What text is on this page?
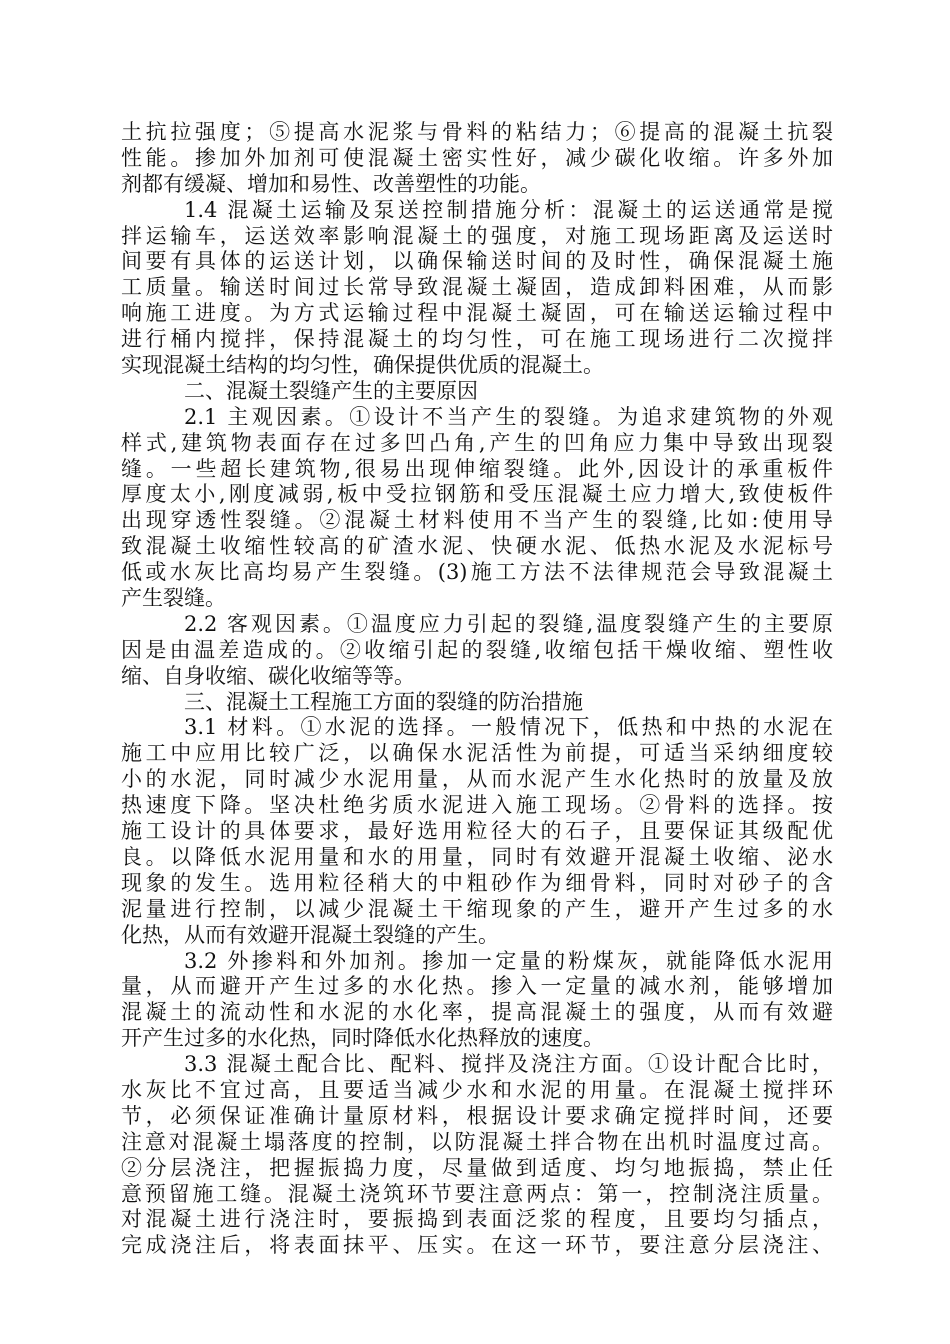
土抗拉强度；⑤提高水泥浆与骨料的粘结力；⑥提高的混凝土抗裂
性能。掺加外加剂可使混凝土密实性好，减少碳化收缩。许多外加
剂都有缓凝、增加和易性、改善塑性的功能。
1.4 混凝土运输及泵送控制措施分析：混凝土的运送通常是搅
拌运输车，运送效率影响混凝土的强度，对施工现场距离及运送时
间要有具体的运送计划，以确保输送时间的及时性，确保混凝土施
工质量。输送时间过长常导致混凝土凝固，造成卸料困难，从而影
响施工进度。为方式运输过程中混凝土凝固，可在输送运输过程中
进行桶内搅拌，保持混凝土的均匀性，可在施工现场进行二次搅拌
实现混凝土结构的均匀性，确保提供优质的混凝土。
二、混凝土裂缝产生的主要原因
2.1 主观因素。①设计不当产生的裂缝。为追求建筑物的外观
样式,建筑物表面存在过多凹凸角,产生的凹角应力集中导致出现裂
缝。一些超长建筑物,很易出现伸缩裂缝。此外,因设计的承重板件
厚度太小,刚度减弱,板中受拉钢筋和受压混凝土应力增大,致使板件
出现穿透性裂缝。②混凝土材料使用不当产生的裂缝,比如:使用导
致混凝土收缩性较高的矿渣水泥、快硬水泥、低热水泥及水泥标号
低或水灰比高均易产生裂缝。(3)施工方法不法律规范会导致混凝土
产生裂缝。
2.2 客观因素。①温度应力引起的裂缝,温度裂缝产生的主要原
因是由温差造成的。②收缩引起的裂缝,收缩包括干燥收缩、塑性收
缩、自身收缩、碳化收缩等等。
三、混凝土工程施工方面的裂缝的防治措施
3.1 材料。①水泥的选择。一般情况下，低热和中热的水泥在
施工中应用比较广泛，以确保水泥活性为前提，可适当采纳细度较
小的水泥，同时减少水泥用量，从而水泥产生水化热时的放量及放
热速度下降。坚决杜绝劣质水泥进入施工现场。②骨料的选择。按
施工设计的具体要求，最好选用粒径大的石子，且要保证其级配优
良。以降低水泥用量和水的用量，同时有效避开混凝土收缩、泌水
现象的发生。选用粒径稍大的中粗砂作为细骨料，同时对砂子的含
泥量进行控制，以减少混凝土干缩现象的产生，避开产生过多的水
化热，从而有效避开混凝土裂缝的产生。
3.2 外掺料和外加剂。掺加一定量的粉煤灰，就能降低水泥用
量，从而避开产生过多的水化热。掺入一定量的减水剂，能够增加
混凝土的流动性和水泥的水化率，提高混凝土的强度，从而有效避
开产生过多的水化热，同时降低水化热释放的速度。
3.3 混凝土配合比、配料、搅拌及浇注方面。①设计配合比时，
水灰比不宜过高，且要适当减少水和水泥的用量。在混凝土搅拌环
节，必须保证准确计量原材料，根据设计要求确定搅拌时间，还要
注意对混凝土塌落度的控制，以防混凝土拌合物在出机时温度过高。
②分层浇注，把握振捣力度，尽量做到适度、均匀地振捣，禁止任
意预留施工缝。混凝土浇筑环节要注意两点：第一，控制浇注质量。
对混凝土进行浇注时，要振捣到表面泛浆的程度，且要均匀插点，
完成浇注后，将表面抹平、压实。在这一环节，要注意分层浇注、
